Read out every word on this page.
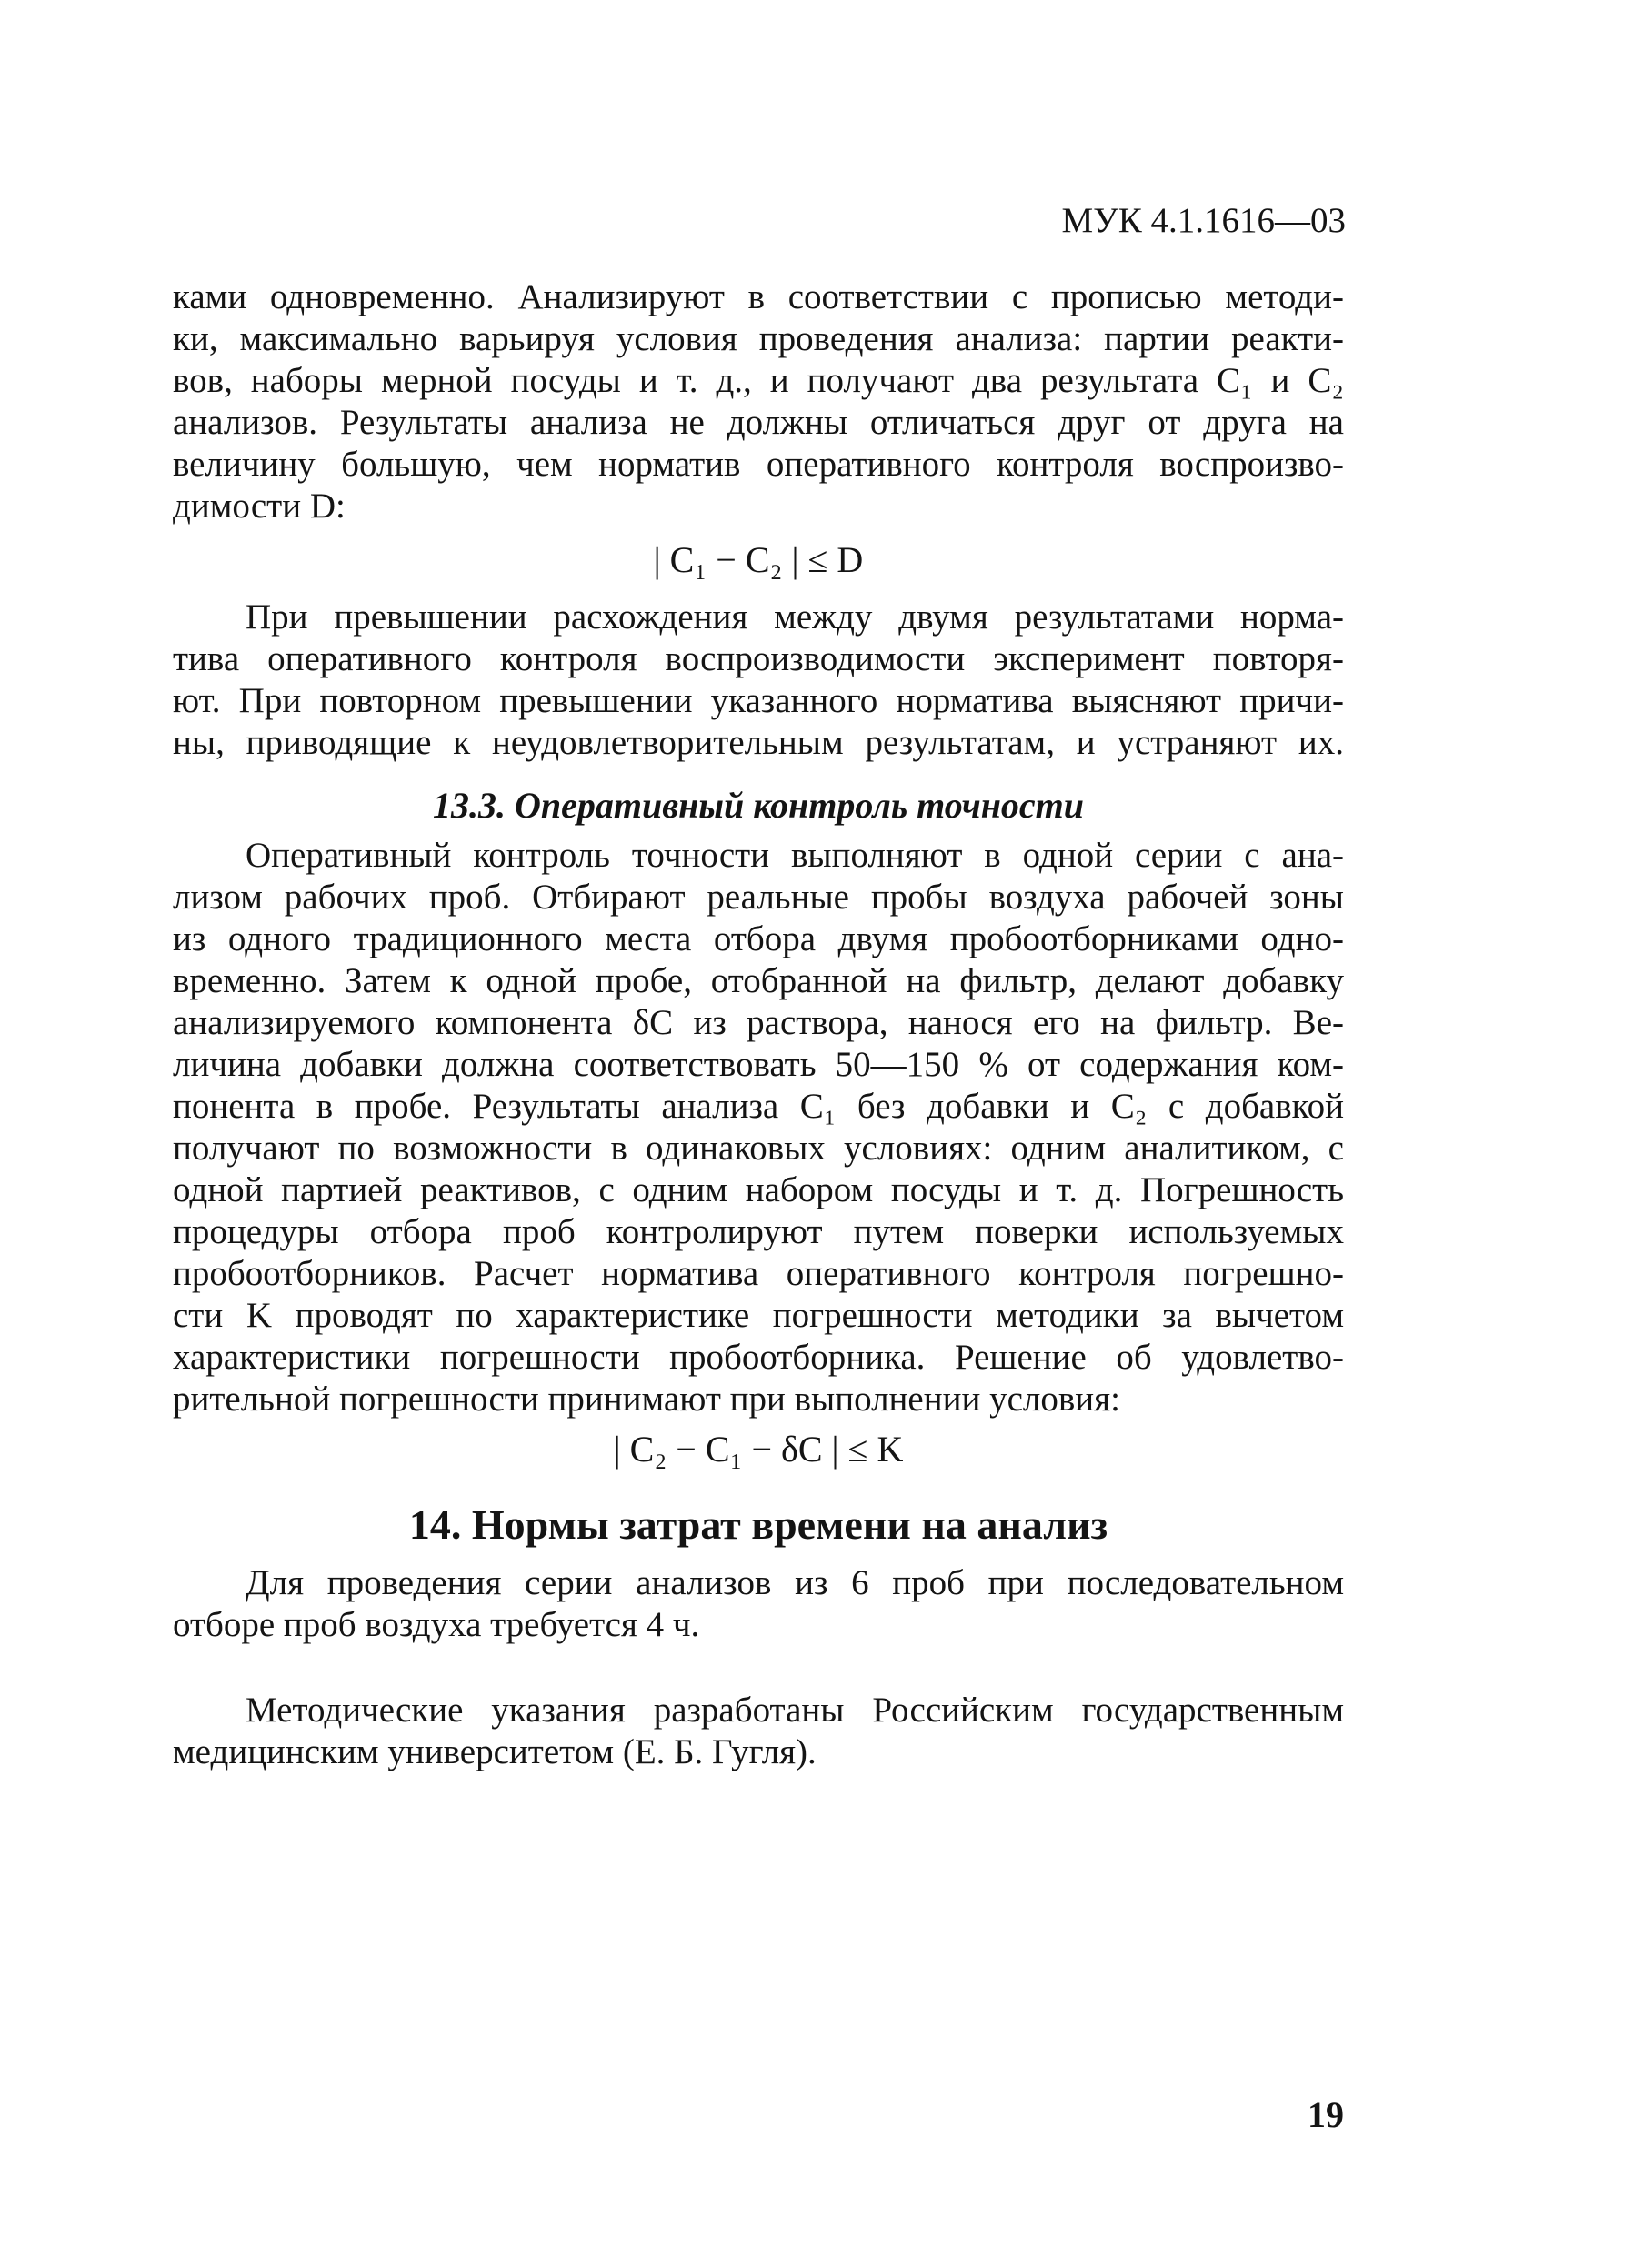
МУК 4.1.1616—03
ками одновременно. Анализируют в соответствии с прописью методи-
ки, максимально варьируя условия проведения анализа: партии реакти-
вов, наборы мерной посуды и т. д., и получают два результата C₁ и C₂
анализов. Результаты анализа не должны отличаться друг от друга на
величину большую, чем норматив оперативного контроля воспроизво-
димости D:
| C₁ − C₂ | ≤ D
При превышении расхождения между двумя результатами норма-
тива оперативного контроля воспроизводимости эксперимент повторя-
ют. При повторном превышении указанного норматива выясняют причи-
ны, приводящие к неудовлетворительным результатам, и устраняют их.
13.3. Оперативный контроль точности
Оперативный контроль точности выполняют в одной серии с ана-
лизом рабочих проб. Отбирают реальные пробы воздуха рабочей зоны
из одного традиционного места отбора двумя пробоотборниками одно-
временно. Затем к одной пробе, отобранной на фильтр, делают добавку
анализируемого компонента δC из раствора, нанося его на фильтр. Ве-
личина добавки должна соответствовать 50—150 % от содержания ком-
понента в пробе. Результаты анализа C₁ без добавки и C₂ с добавкой
получают по возможности в одинаковых условиях: одним аналитиком, с
одной партией реактивов, с одним набором посуды и т. д. Погрешность
процедуры отбора проб контролируют путем поверки используемых
пробоотборников. Расчет норматива оперативного контроля погрешно-
сти K проводят по характеристике погрешности методики за вычетом
характеристики погрешности пробоотборника. Решение об удовлетво-
рительной погрешности принимают при выполнении условия:
| C₂ − C₁ − δC | ≤ K
14. Нормы затрат времени на анализ
Для проведения серии анализов из 6 проб при последовательном
отборе проб воздуха требуется 4 ч.
Методические указания разработаны Российским государственным
медицинским университетом (Е. Б. Гугля).
19
